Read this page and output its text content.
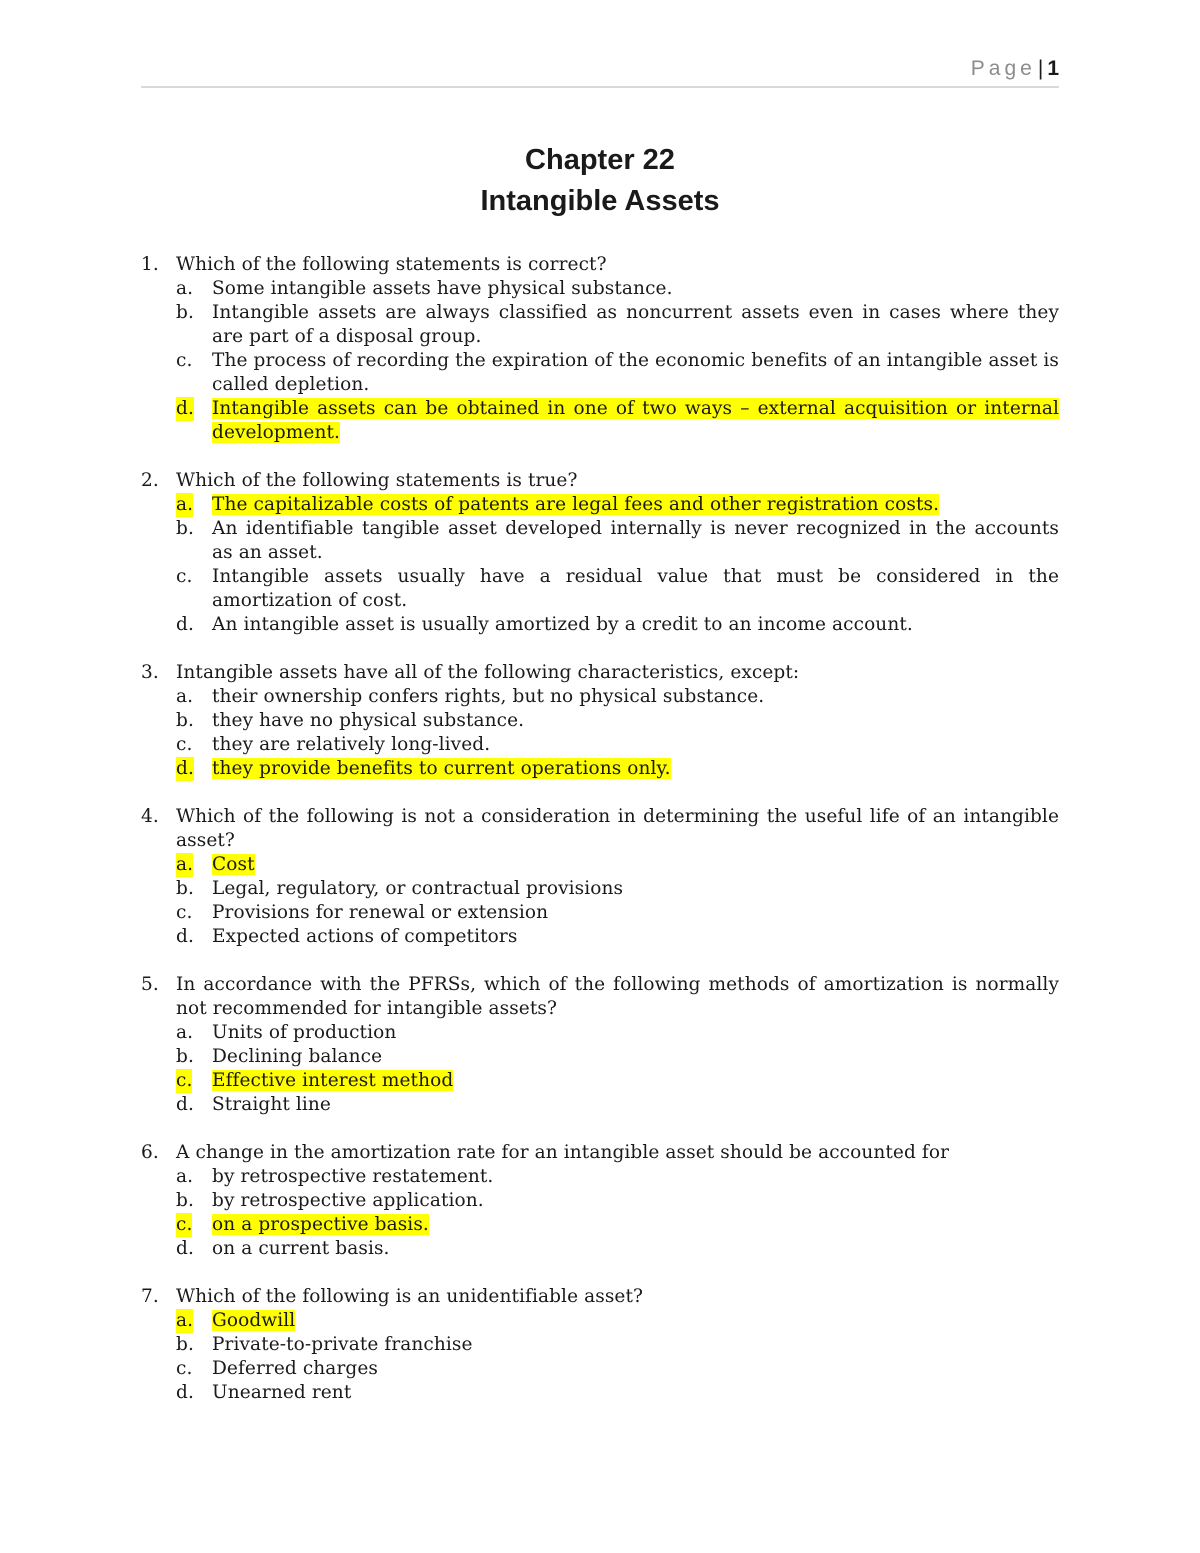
Page| 1
Chapter 22
Intangible Assets
1. Which of the following statements is correct?
a. Some intangible assets have physical substance.
b. Intangible assets are always classified as noncurrent assets even in cases where they are part of a disposal group.
c. The process of recording the expiration of the economic benefits of an intangible asset is called depletion.
d. Intangible assets can be obtained in one of two ways – external acquisition or internal development.
2. Which of the following statements is true?
a. The capitalizable costs of patents are legal fees and other registration costs.
b. An identifiable tangible asset developed internally is never recognized in the accounts as an asset.
c. Intangible assets usually have a residual value that must be considered in the amortization of cost.
d. An intangible asset is usually amortized by a credit to an income account.
3. Intangible assets have all of the following characteristics, except:
a. their ownership confers rights, but no physical substance.
b. they have no physical substance.
c. they are relatively long-lived.
d. they provide benefits to current operations only.
4. Which of the following is not a consideration in determining the useful life of an intangible asset?
a. Cost
b. Legal, regulatory, or contractual provisions
c. Provisions for renewal or extension
d. Expected actions of competitors
5. In accordance with the PFRSs, which of the following methods of amortization is normally not recommended for intangible assets?
a. Units of production
b. Declining balance
c. Effective interest method
d. Straight line
6. A change in the amortization rate for an intangible asset should be accounted for
a. by retrospective restatement.
b. by retrospective application.
c. on a prospective basis.
d. on a current basis.
7. Which of the following is an unidentifiable asset?
a. Goodwill
b. Private-to-private franchise
c. Deferred charges
d. Unearned rent
